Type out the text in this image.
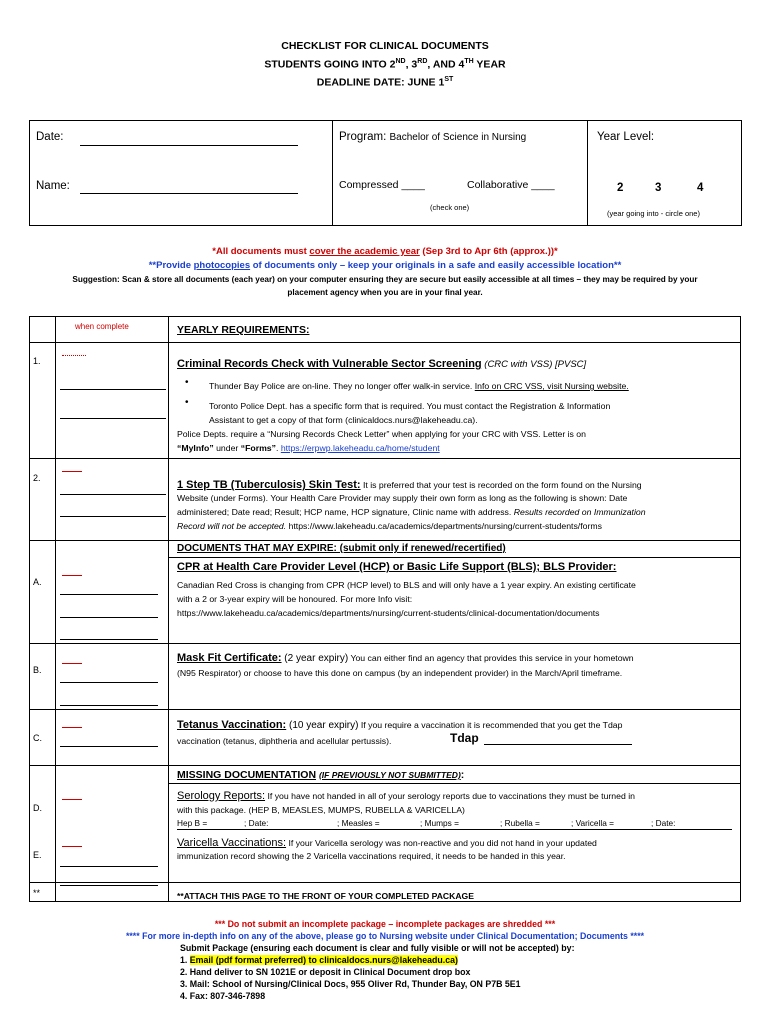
CHECKLIST FOR CLINICAL DOCUMENTS
STUDENTS GOING INTO 2ND, 3RD, AND 4TH YEAR
DEADLINE DATE: JUNE 1ST
Date:
Name:
Program: Bachelor of Science in Nursing
Compressed ____	Collaborative ____
(check one)
Year Level:
2	3	4
(year going into - circle one)
*All documents must cover the academic year (Sep 3rd to Apr 6th (approx.))*
**Provide photocopies of documents only – keep your originals in a safe and easily accessible location**
Suggestion: Scan & store all documents (each year) on your computer ensuring they are secure but easily accessible at all times – they may be required by your
placement agency when you are in your final year.
when complete	YEARLY REQUIREMENTS:
1.	Criminal Records Check with Vulnerable Sector Screening (CRC with VSS) [PVSC]
• Thunder Bay Police are on-line. They no longer offer walk-in service. Info on CRC VSS, visit Nursing website.
• Toronto Police Dept. has a specific form that is required. You must contact the Registration & Information
Assistant to get a copy of that form (clinicaldocs.nurs@lakeheadu.ca).
Police Depts. require a “Nursing Records Check Letter” when applying for your CRC with VSS. Letter is on
“MyInfo” under “Forms”. https://erpwp.lakeheadu.ca/home/student
2.
1 Step TB (Tuberculosis) Skin Test: It is preferred that your test is recorded on the form found on the Nursing
Website (under Forms). Your Health Care Provider may supply their own form as long as the following is shown: Date
administered; Date read; Result; HCP name, HCP signature, Clinic name with address. Results recorded on Immunization
Record will not be accepted. https://www.lakeheadu.ca/academics/departments/nursing/current-students/forms
DOCUMENTS THAT MAY EXPIRE: (submit only if renewed/recertified)
A.
CPR at Health Care Provider Level (HCP) or Basic Life Support (BLS); BLS Provider:
Canadian Red Cross is changing from CPR (HCP level) to BLS and will only have a 1 year expiry. An existing certificate
with a 2 or 3-year expiry will be honoured. For more Info visit:
https://www.lakeheadu.ca/academics/departments/nursing/current-students/clinical-documentation/documents
B.
Mask Fit Certificate: (2 year expiry) You can either find an agency that provides this service in your hometown
(N95 Respirator) or choose to have this done on campus (by an independent provider) in the March/April timeframe.
C.
Tetanus Vaccination: (10 year expiry) If you require a vaccination it is recommended that you get the Tdap
vaccination (tetanus, diphtheria and acellular pertussis).	Tdap
MISSING DOCUMENTATION (IF PREVIOUSLY NOT SUBMITTED):
D.
Serology Reports: If you have not handed in all of your serology reports due to vaccinations they must be turned in
with this package. (HEP B, MEASLES, MUMPS, RUBELLA & VARICELLA)
Hep B =	; Date:	; Measles =	; Mumps =	; Rubella =	; Varicella =	; Date:
E.
Varicella Vaccinations: If your Varicella serology was non-reactive and you did not hand in your updated
immunization record showing the 2 Varicella vaccinations required, it needs to be handed in this year.
**	**ATTACH THIS PAGE TO THE FRONT OF YOUR COMPLETED PACKAGE
*** Do not submit an incomplete package – incomplete packages are shredded ***
**** For more in-depth info on any of the above, please go to Nursing website under Clinical Documentation; Documents ****
Submit Package (ensuring each document is clear and fully visible or will not be accepted) by:
1. Email (pdf format preferred) to clinicaldocs.nurs@lakeheadu.ca)
2. Hand deliver to SN 1021E or deposit in Clinical Document drop box
3. Mail: School of Nursing/Clinical Docs, 955 Oliver Rd, Thunder Bay, ON P7B 5E1
4. Fax: 807-346-7898
